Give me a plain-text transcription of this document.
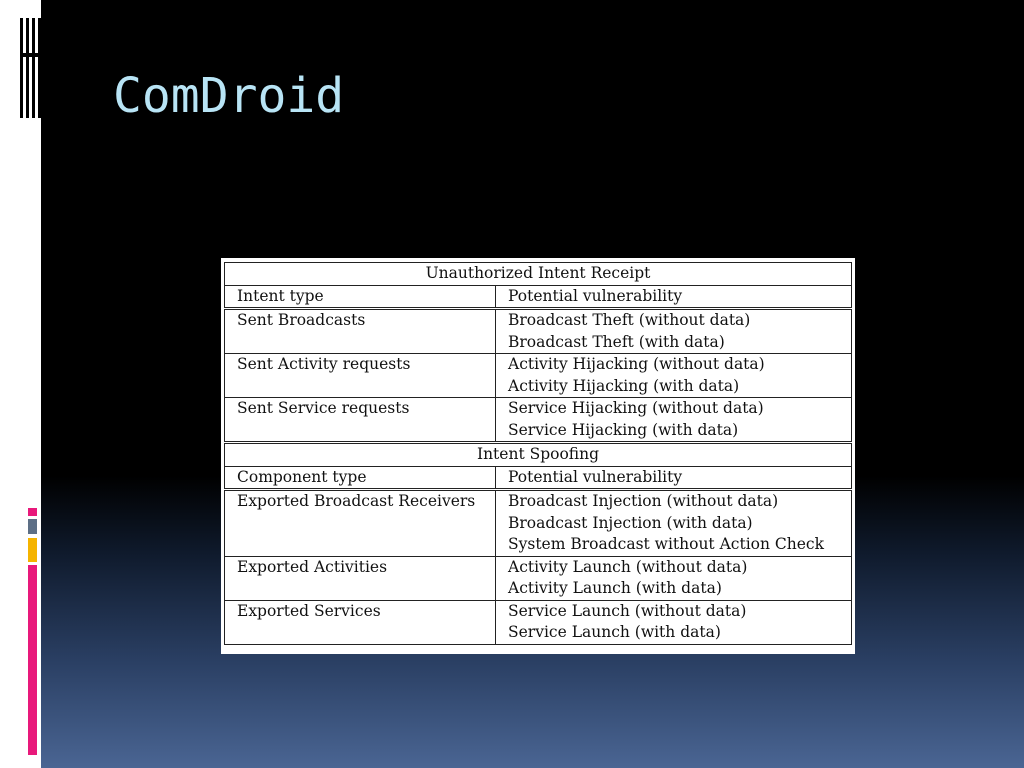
ComDroid
Unauthorized Intent Receipt	
Intent type	Potential vulnerability
Sent Broadcasts	Broadcast Theft (without data)
Broadcast Theft (with data)

Sent Activity requests	Activity Hijacking (without data)
Activity Hijacking (with data)

Sent Service requests	Service Hijacking (without data)
Service Hijacking (with data)

Intent Spoofing	
Component type	Potential vulnerability
Exported Broadcast Receivers	Broadcast Injection (without data)
Broadcast Injection (with data)
System Broadcast without Action Check

Exported Activities	Activity Launch (without data)
Activity Launch (with data)

Exported Services	Service Launch (without data)
Service Launch (with data)
